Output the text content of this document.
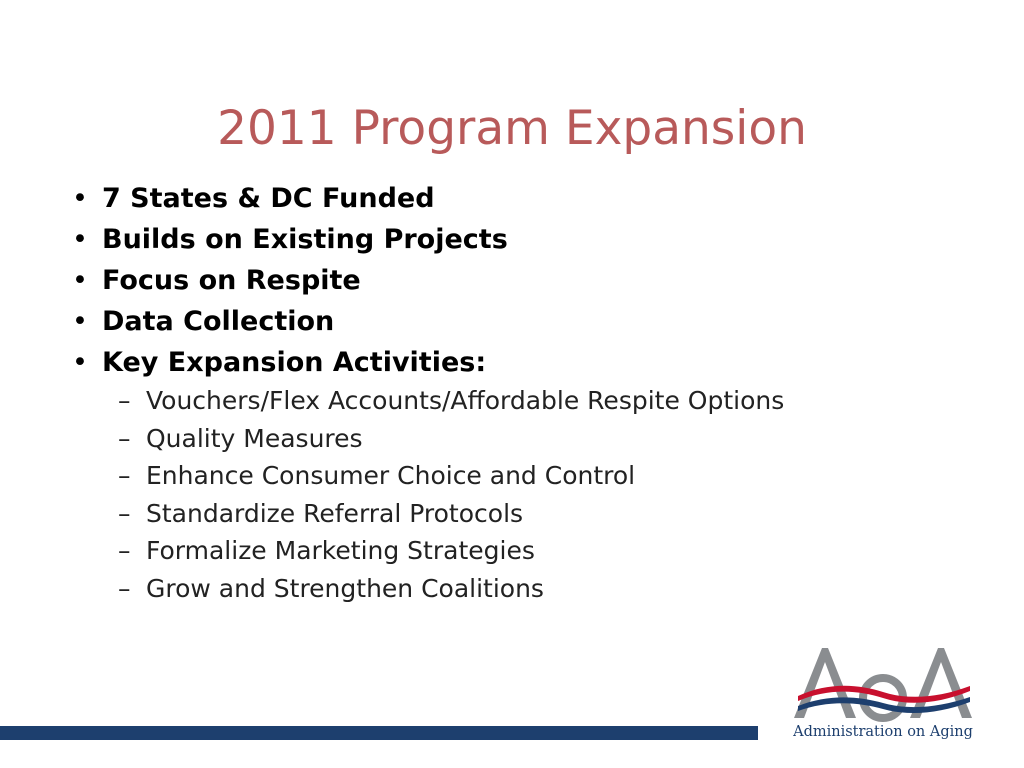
2011 Program Expansion
• 7 States & DC Funded
• Builds on Existing Projects
• Focus on Respite
• Data Collection
• Key Expansion Activities:
– Vouchers/Flex Accounts/Affordable Respite Options
– Quality Measures
– Enhance Consumer Choice and Control
– Standardize Referral Protocols
– Formalize Marketing Strategies
– Grow and Strengthen Coalitions
Administration on Aging
